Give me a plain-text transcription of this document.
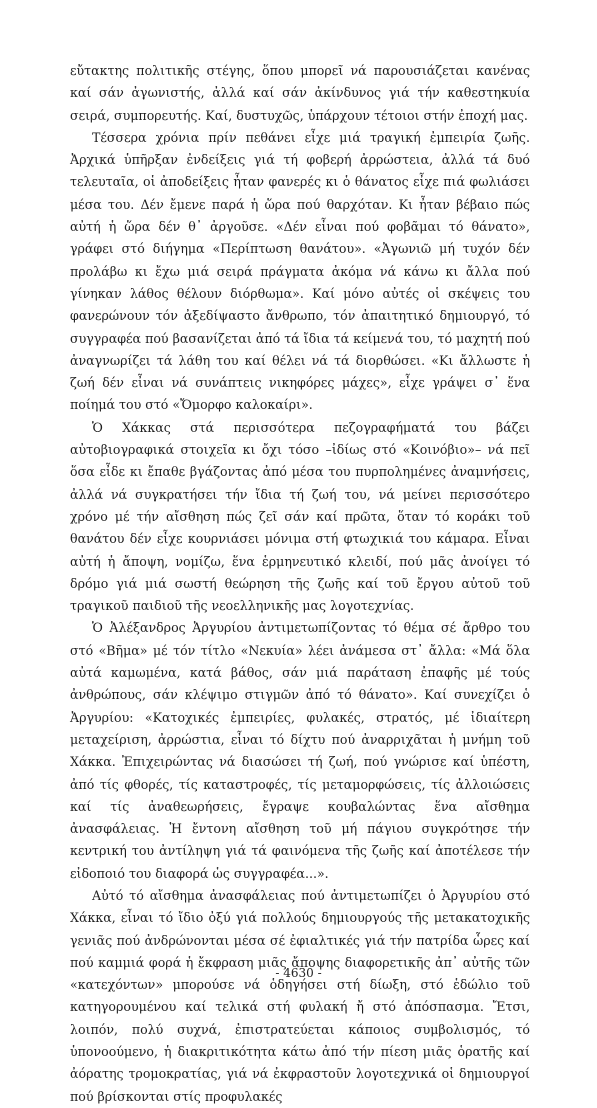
εὔτακτης πολιτικῆς στέγης, ὅπου μπορεῖ νά παρουσιάζεται κανένας καί σάν ἀγωνιστής, ἀλλά καί σάν ἀκίνδυνος γιά τήν καθεστηκυία σειρά, συμπορευτής. Καί, δυστυχῶς, ὑπάρχουν τέτοιοι στήν ἐποχή μας.

Τέσσερα χρόνια πρίν πεθάνει εἶχε μιά τραγική ἐμπειρία ζωῆς. Ἀρχικά ὑπῆρξαν ἐνδείξεις γιά τή φοβερή ἀρρώστεια, ἀλλά τά δυό τελευταῖα, οἱ ἀποδείξεις ἦταν φανερές κι ὁ θάνατος εἶχε πιά φωλιάσει μέσα του. Δέν ἔμενε παρά ἡ ὥρα πού θαρχόταν. Κι ἦταν βέβαιο πώς αὐτή ἡ ὥρα δέν θ᾽ ἀργοῦσε. «Δέν εἶναι πού φοβᾶμαι τό θάνατο», γράφει στό διήγημα «Περίπτωση θανάτου». «Ἀγωνιῶ μή τυχόν δέν προλάβω κι ἔχω μιά σειρά πράγματα ἀκόμα νά κάνω κι ἄλλα πού γίνηκαν λάθος θέλουν διόρθωμα». Καί μόνο αὐτές οἱ σκέψεις του φανερώνουν τόν ἀξεδίψαστο ἄνθρωπο, τόν ἀπαιτητικό δημιουργό, τό συγγραφέα πού βασανίζεται ἀπό τά ἴδια τά κείμενά του, τό μαχητή πού ἀναγνωρίζει τά λάθη του καί θέλει νά τά διορθώσει. «Κι ἄλλωστε ἡ ζωή δέν εἶναι νά συνάπτεις νικηφόρες μάχες», εἶχε γράψει σ᾽ ἕνα ποίημά του στό «Ὄμορφο καλοκαίρι».

Ὁ Χάκκας στά περισσότερα πεζογραφήματά του βάζει αὐτοβιογραφικά στοιχεῖα κι ὄχι τόσο –ἰδίως στό «Κοινόβιο»– νά πεῖ ὅσα εἶδε κι ἔπαθε βγάζοντας ἀπό μέσα του πυρπολημένες ἀναμνήσεις, ἀλλά νά συγκρατήσει τήν ἴδια τή ζωή του, νά μείνει περισσότερο χρόνο μέ τήν αἴσθηση πώς ζεῖ σάν καί πρῶτα, ὅταν τό κοράκι τοῦ θανάτου δέν εἶχε κουρνιάσει μόνιμα στή φτωχικιά του κάμαρα. Εἶναι αὐτή ἡ ἄποψη, νομίζω, ἕνα ἑρμηνευτικό κλειδί, πού μᾶς ἀνοίγει τό δρόμο γιά μιά σωστή θεώρηση τῆς ζωῆς καί τοῦ ἔργου αὐτοῦ τοῦ τραγικοῦ παιδιοῦ τῆς νεοελληνικῆς μας λογοτεχνίας.

Ὁ Ἀλέξανδρος Ἀργυρίου ἀντιμετωπίζοντας τό θέμα σέ ἄρθρο του στό «Βῆμα» μέ τόν τίτλο «Νεκυία» λέει ἀνάμεσα στ᾽ ἄλλα: «Μά ὅλα αὐτά καμωμένα, κατά βάθος, σάν μιά παράταση ἐπαφῆς μέ τούς ἀνθρώπους, σάν κλέψιμο στιγμῶν ἀπό τό θάνατο». Καί συνεχίζει ὁ Ἀργυρίου: «Κατοχικές ἐμπειρίες, φυλακές, στρατός, μέ ἰδιαίτερη μεταχείριση, ἀρρώστια, εἶναι τό δίχτυ πού ἀναρριχᾶται ἡ μνήμη τοῦ Χάκκα. Ἐπιχειρώντας νά διασώσει τή ζωή, πού γνώρισε καί ὑπέστη, ἀπό τίς φθορές, τίς καταστροφές, τίς μεταμορφώσεις, τίς ἀλλοιώσεις καί τίς ἀναθεωρήσεις, ἔγραψε κουβαλώντας ἕνα αἴσθημα ἀνασφάλειας. Ἡ ἔντονη αἴσθηση τοῦ μή πάγιου συγκρότησε τήν κεντρική του ἀντίληψη γιά τά φαινόμενα τῆς ζωῆς καί ἀποτέλεσε τήν εἰδοποιό του διαφορά ὡς συγγραφέα...».

Αὐτό τό αἴσθημα ἀνασφάλειας πού ἀντιμετωπίζει ὁ Ἀργυρίου στό Χάκκα, εἶναι τό ἴδιο ὀξύ γιά πολλούς δημιουργούς τῆς μετακατοχικῆς γενιᾶς πού ἀνδρώνονται μέσα σέ ἐφιαλτικές γιά τήν πατρίδα ὧρες καί πού καμμιά φορά ἡ ἔκφραση μιᾶς ἄποψης διαφορετικῆς ἀπ᾽ αὐτῆς τῶν «κατεχόντων» μπορούσε νά ὁδηγήσει στή δίωξη, στό ἑδώλιο τοῦ κατηγορουμένου καί τελικά στή φυλακή ἤ στό ἀπόσπασμα. Ἔτσι, λοιπόν, πολύ συχνά, ἐπιστρατεύεται κάποιος συμβολισμός, τό ὑπονοούμενο, ἡ διακριτικότητα κάτω ἀπό τήν πίεση μιᾶς ὁρατῆς καί ἀόρατης τρομοκρατίας, γιά νά ἐκφραστοῦν λογοτεχνικά οἱ δημιουργοί πού βρίσκονται στίς προφυλακές

- 4630 -
